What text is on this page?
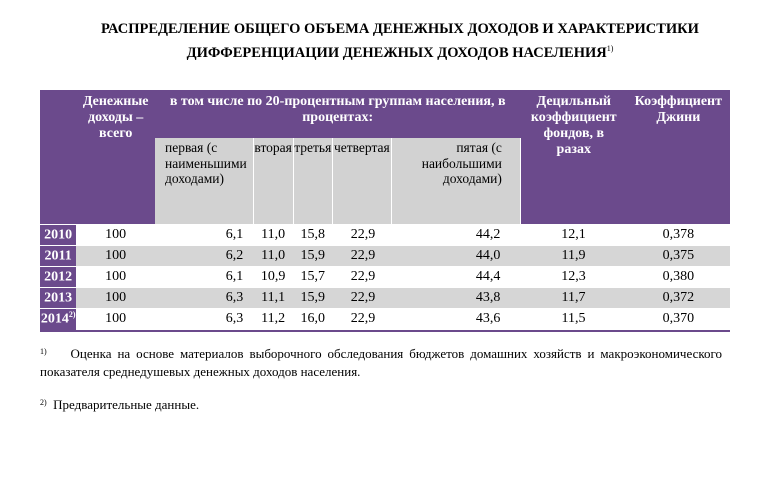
РАСПРЕДЕЛЕНИЕ ОБЩЕГО ОБЪЕМА ДЕНЕЖНЫХ ДОХОДОВ И ХАРАКТЕРИСТИКИ
ДИФФЕРЕНЦИАЦИИ ДЕНЕЖНЫХ ДОХОДОВ НАСЕЛЕНИЯ$^{1)}$
	Денежные доходы – всего	в том числе по 20-процентным группам населения, в процентах:					Децильный коэффициент фондов, в разах	Коэффициент Джини
		первая (с наименьшими доходами)	вторая	третья	четвертая	пятая (с наибольшими доходами)		
2010	100	6,1	11,0	15,8	22,9	44,2	12,1	0,378
2011	100	6,2	11,0	15,9	22,9	44,0	11,9	0,375
2012	100	6,1	10,9	15,7	22,9	44,4	12,3	0,380
2013	100	6,3	11,1	15,9	22,9	43,8	11,7	0,372
2014$^{2)}$	100	6,3	11,2	16,0	22,9	43,6	11,5	0,370

$^{1)}$ Оценка на основе материалов выборочного обследования бюджетов домашних хозяйств и макроэкономического показателя среднедушевых денежных доходов населения.
$^{2)}$ Предварительные данные.
